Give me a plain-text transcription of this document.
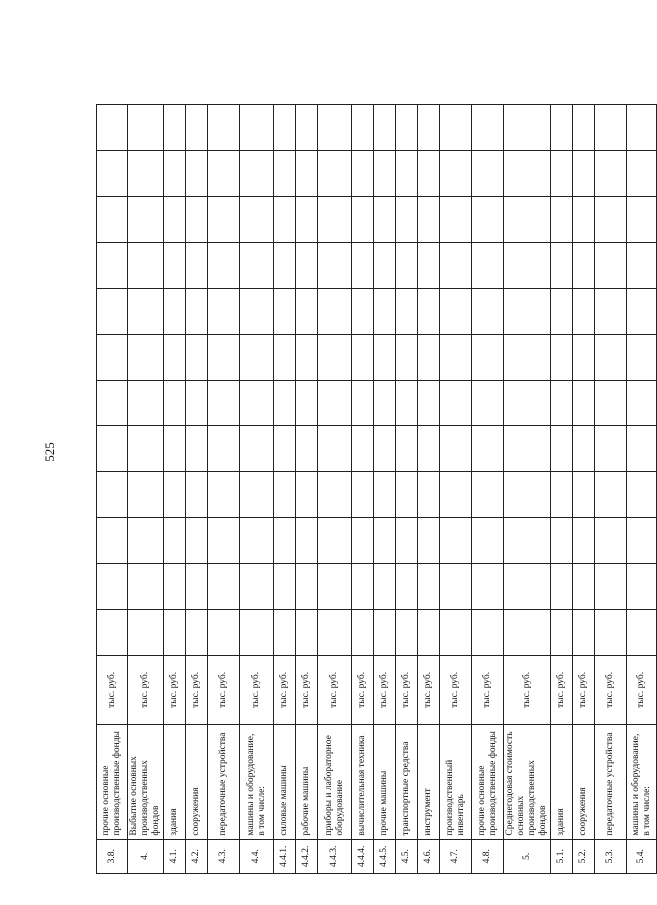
525
3.8.	прочие основные производственные фонды	тыс. руб.												
4.	Выбытие основных производственных фондов	тыс. руб.												
4.1.	здания	тыс. руб.												
4.2.	сооружения	тыс. руб.												
4.3.	передаточные устройства	тыс. руб.												
4.4.	машины и оборудование, в том числе:	тыс. руб.												
4.4.1.	силовые машины	тыс. руб.												
4.4.2.	рабочие машины	тыс. руб.												
4.4.3.	приборы и лабораторное оборудование	тыс. руб.												
4.4.4.	вычислительная техника	тыс. руб.												
4.4.5.	прочие машины	тыс. руб.												
4.5.	транспортные средства	тыс. руб.												
4.6.	инструмент	тыс. руб.												
4.7.	производственный инвентарь	тыс. руб.												
4.8.	прочие основные производственные фонды	тыс. руб.												
5.	Среднегодовая стоимость основных производственных фондов	тыс. руб.												
5.1.	здания	тыс. руб.												
5.2.	сооружения	тыс. руб.												
5.3.	передаточные устройства	тыс. руб.												
5.4.	машины и оборудование, в том числе:	тыс. руб.												
